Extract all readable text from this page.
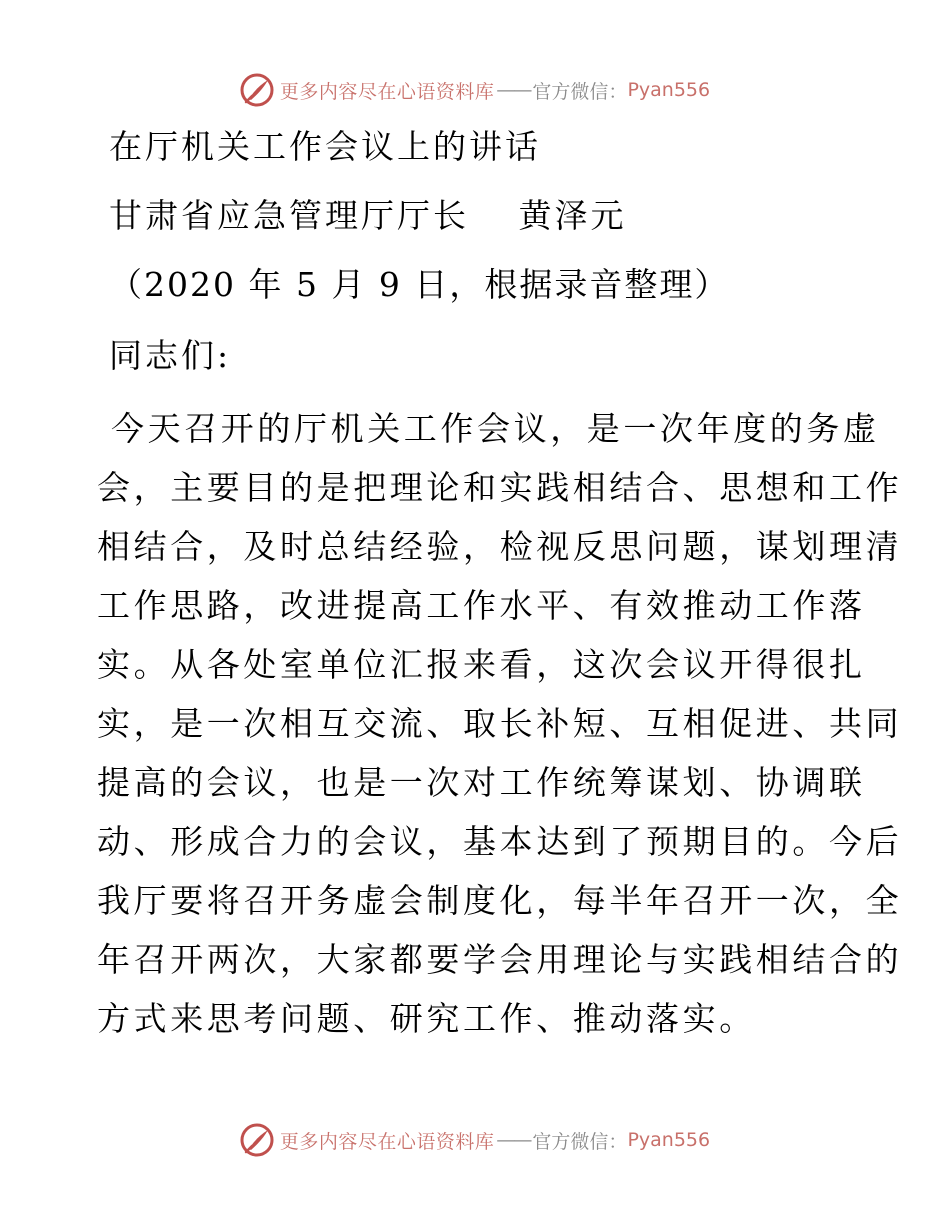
更多内容尽在心语资料库 —— 官方微信： Pyan556

在厅机关工作会议上的讲话

甘肃省应急管理厅厅长　 黄泽元

（2020 年 5 月 9 日，根据录音整理）

同志们:

今天召开的厅机关工作会议，是一次年度的务虚
会，主要目的是把理论和实践相结合、思想和工作
相结合，及时总结经验，检视反思问题，谋划理清
工作思路，改进提高工作水平、有效推动工作落
实。从各处室单位汇报来看，这次会议开得很扎
实，是一次相互交流、取长补短、互相促进、共同
提高的会议，也是一次对工作统筹谋划、协调联
动、形成合力的会议，基本达到了预期目的。今后
我厅要将召开务虚会制度化，每半年召开一次，全
年召开两次，大家都要学会用理论与实践相结合的
方式来思考问题、研究工作、推动落实。
更多内容尽在心语资料库 —— 官方微信： Pyan556
